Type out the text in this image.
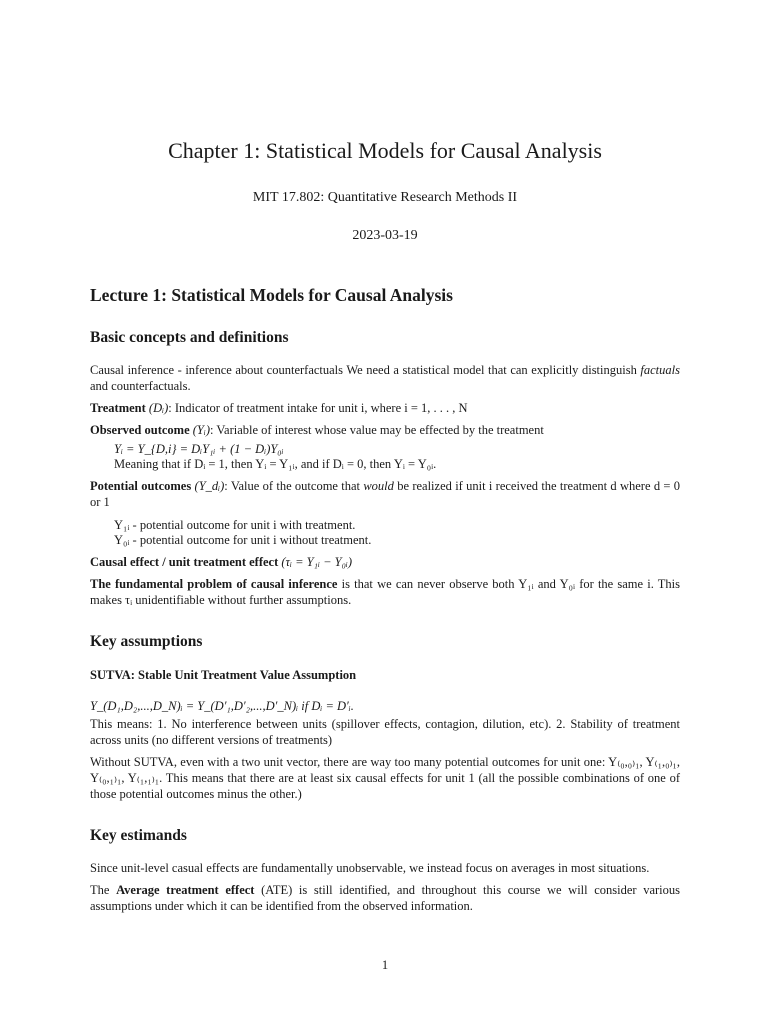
Chapter 1: Statistical Models for Causal Analysis
MIT 17.802: Quantitative Research Methods II
2023-03-19
Lecture 1: Statistical Models for Causal Analysis
Basic concepts and definitions

Causal inference - inference about counterfactuals We need a statistical model that can explicitly distinguish factuals and counterfactuals.

Treatment (Dᵢ): Indicator of treatment intake for unit i, where i = 1, . . . , N

Observed outcome (Yᵢ): Variable of interest whose value may be effected by the treatment

Yᵢ = Y_{D,i} = DᵢY₁ᵢ + (1 − Dᵢ)Y₀ᵢ
Meaning that if Dᵢ = 1, then Yᵢ = Y₁ᵢ, and if Dᵢ = 0, then Yᵢ = Y₀ᵢ.

Potential outcomes (Y_dᵢ): Value of the outcome that would be realized if unit i received the treatment d where d = 0 or 1

Y₁ᵢ - potential outcome for unit i with treatment.
Y₀ᵢ - potential outcome for unit i without treatment.

Causal effect / unit treatment effect (τᵢ = Y₁ᵢ − Y₀ᵢ)

The fundamental problem of causal inference is that we can never observe both Y₁ᵢ and Y₀ᵢ for the same i. This makes τᵢ unidentifiable without further assumptions.

Key assumptions
SUTVA: Stable Unit Treatment Value Assumption

Y_(D₁,D₂,...,D_N)ᵢ = Y_(D′₁,D′₂,...,D′_N)ᵢ if Dᵢ = D′ᵢ.

This means: 1. No interference between units (spillover effects, contagion, dilution, etc). 2. Stability of treatment across units (no different versions of treatments)

Without SUTVA, even with a two unit vector, there are way too many potential outcomes for unit one: Y₍₀,₀₎₁, Y₍₁,₀₎₁, Y₍₀,₁₎₁, Y₍₁,₁₎₁. This means that there are at least six causal effects for unit 1 (all the possible combinations of one of those potential outcomes minus the other.)

Key estimands

Since unit-level casual effects are fundamentally unobservable, we instead focus on averages in most situations.

The Average treatment effect (ATE) is still identified, and throughout this course we will consider various assumptions under which it can be identified from the observed information.

1
